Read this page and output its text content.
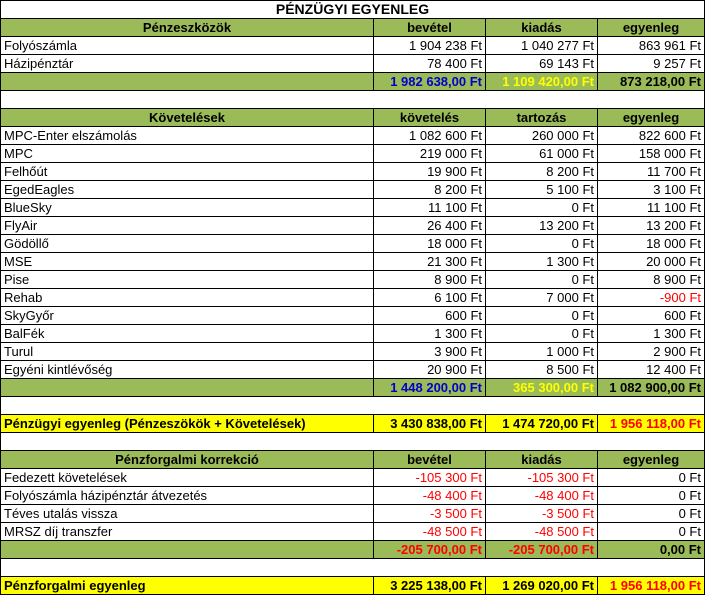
PÉNZÜGYI EGYENLEG			
Pénzeszközök	bevétel	kiadás	egyenleg
Folyószámla	1 904 238 Ft	1 040 277 Ft	863 961 Ft
Házipénztár	78 400 Ft	69 143 Ft	9 257 Ft
	1 982 638,00 Ft	1 109 420,00 Ft	873 218,00 Ft

Követelések	követelés	tartozás	egyenleg
MPC-Enter elszámolás	1 082 600 Ft	260 000 Ft	822 600 Ft
MPC	219 000 Ft	61 000 Ft	158 000 Ft
Felhőút	19 900 Ft	8 200 Ft	11 700 Ft
EgedEagles	8 200 Ft	5 100 Ft	3 100 Ft
BlueSky	11 100 Ft	0 Ft	11 100 Ft
FlyAir	26 400 Ft	13 200 Ft	13 200 Ft
Gödöllő	18 000 Ft	0 Ft	18 000 Ft
MSE	21 300 Ft	1 300 Ft	20 000 Ft
Pise	8 900 Ft	0 Ft	8 900 Ft
Rehab	6 100 Ft	7 000 Ft	-900 Ft
SkyGyőr	600 Ft	0 Ft	600 Ft
BalFék	1 300 Ft	0 Ft	1 300 Ft
Turul	3 900 Ft	1 000 Ft	2 900 Ft
Egyéni kintlévőség	20 900 Ft	8 500 Ft	12 400 Ft
	1 448 200,00 Ft	365 300,00 Ft	1 082 900,00 Ft

Pénzügyi egyenleg (Pénzeszökök + Követelések)	3 430 838,00 Ft	1 474 720,00 Ft	1 956 118,00 Ft

Pénzforgalmi korrekció	bevétel	kiadás	egyenleg
Fedezett követelések	-105 300 Ft	-105 300 Ft	0 Ft
Folyószámla házipénztár átvezetés	-48 400 Ft	-48 400 Ft	0 Ft
Téves utalás vissza	-3 500 Ft	-3 500 Ft	0 Ft
MRSZ díj transzfer	-48 500 Ft	-48 500 Ft	0 Ft
	-205 700,00 Ft	-205 700,00 Ft	0,00 Ft

Pénzforgalmi egyenleg	3 225 138,00 Ft	1 269 020,00 Ft	1 956 118,00 Ft
